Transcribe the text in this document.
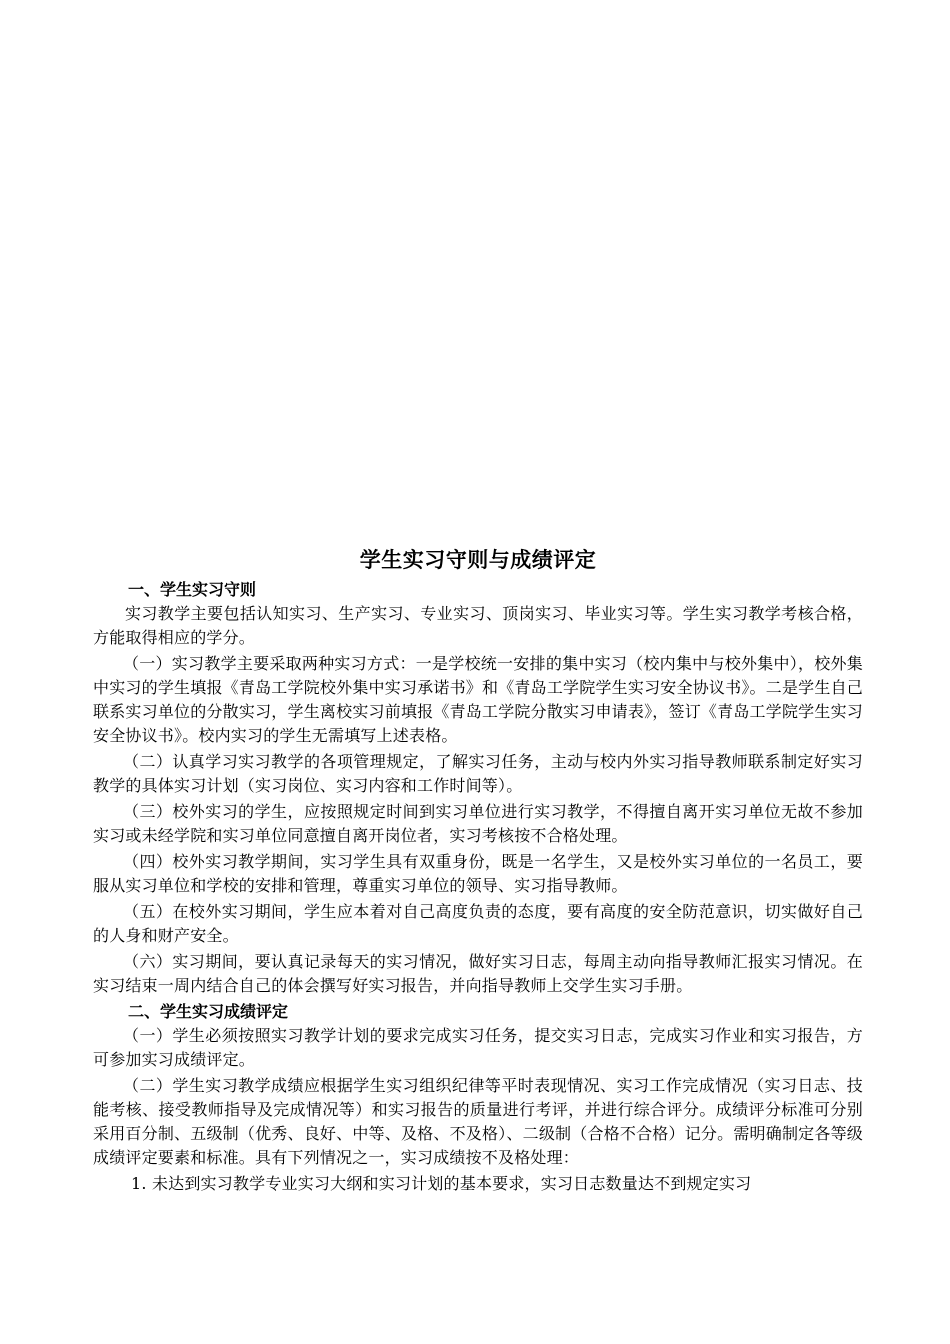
学生实习守则与成绩评定
一、学生实习守则

实习教学主要包括认知实习、生产实习、专业实习、顶岗实习、毕业实习等。学生实习教学考核合格，方能取得相应的学分。

（一）实习教学主要采取两种实习方式：一是学校统一安排的集中实习（校内集中与校外集中），校外集中实习的学生填报《青岛工学院校外集中实习承诺书》和《青岛工学院学生实习安全协议书》。二是学生自己联系实习单位的分散实习，学生离校实习前填报《青岛工学院分散实习申请表》，签订《青岛工学院学生实习安全协议书》。校内实习的学生无需填写上述表格。

（二）认真学习实习教学的各项管理规定，了解实习任务，主动与校内外实习指导教师联系制定好实习教学的具体实习计划（实习岗位、实习内容和工作时间等）。

（三）校外实习的学生，应按照规定时间到实习单位进行实习教学，不得擅自离开实习单位无故不参加实习或未经学院和实习单位同意擅自离开岗位者，实习考核按不合格处理。

（四）校外实习教学期间，实习学生具有双重身份，既是一名学生，又是校外实习单位的一名员工，要服从实习单位和学校的安排和管理，尊重实习单位的领导、实习指导教师。

（五）在校外实习期间，学生应本着对自己高度负责的态度，要有高度的安全防范意识，切实做好自己的人身和财产安全。

（六）实习期间，要认真记录每天的实习情况，做好实习日志，每周主动向指导教师汇报实习情况。在实习结束一周内结合自己的体会撰写好实习报告，并向指导教师上交学生实习手册。

二、学生实习成绩评定

（一）学生必须按照实习教学计划的要求完成实习任务，提交实习日志，完成实习作业和实习报告，方可参加实习成绩评定。

（二）学生实习教学成绩应根据学生实习组织纪律等平时表现情况、实习工作完成情况（实习日志、技能考核、接受教师指导及完成情况等）和实习报告的质量进行考评，并进行综合评分。成绩评分标准可分别采用百分制、五级制（优秀、良好、中等、及格、不及格）、二级制（合格不合格）记分。需明确制定各等级成绩评定要素和标准。具有下列情况之一，实习成绩按不及格处理：

1. 未达到实习教学专业实习大纲和实习计划的基本要求，实习日志数量达不到规定实习
